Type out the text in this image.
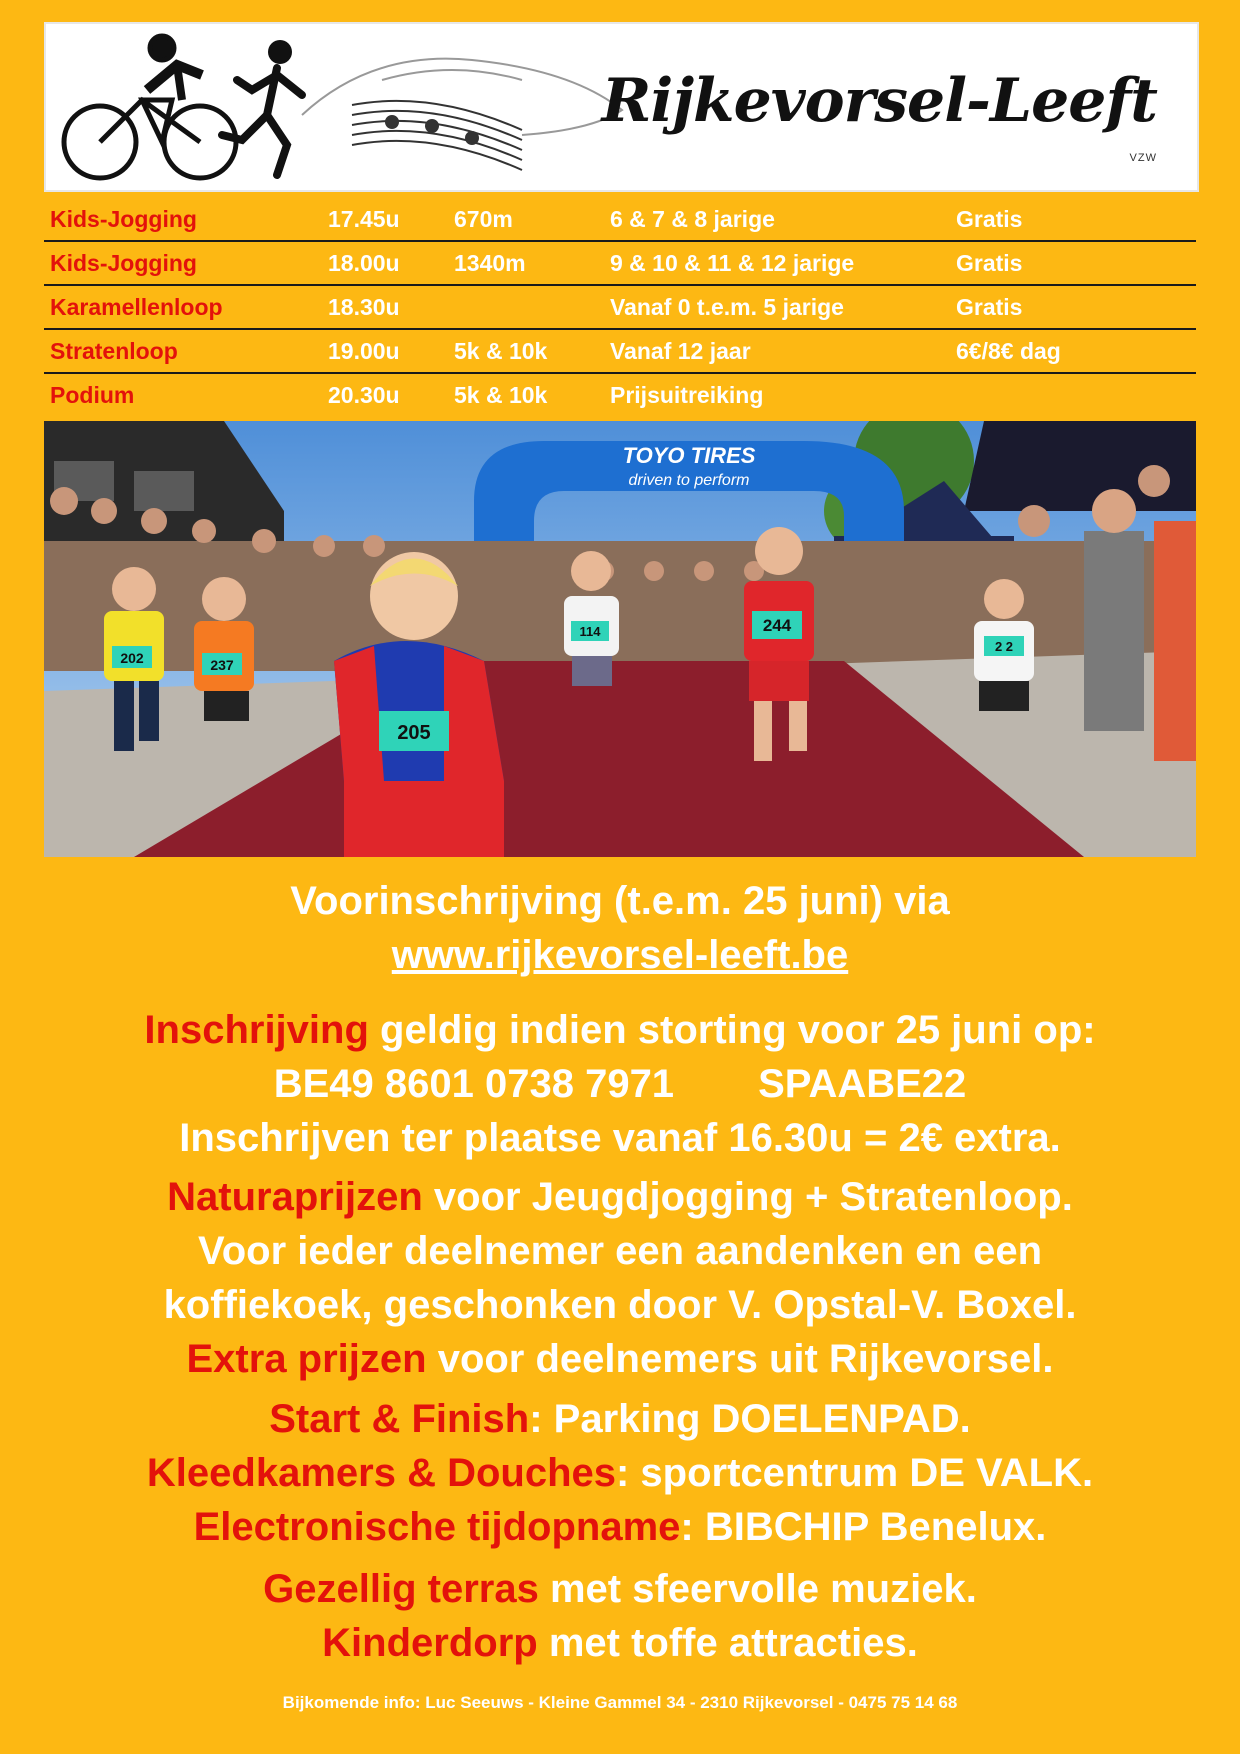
Rijkevorsel-Leeft
VZW
Kids-Jogging	17.45u 670m	6 & 7 & 8 jarige	Gratis
Kids-Jogging	18.00u 1340m	9 & 10 & 11 & 12 jarige	Gratis
Karamellenloop	18.30u	Vanaf 0 t.e.m. 5 jarige	Gratis
Stratenloop	19.00u 5k & 10k	Vanaf 12 jaar	6€/8€ dag
Podium	20.30u 5k & 10k	Prijsuitreiking
TOYO TIRES
driven to perform
202	237
205
114	244
2 2
Voorinschrijving (t.e.m. 25 juni) via
www.rijkevorsel-leeft.be
Inschrijving geldig indien storting voor 25 juni op:
BE49 8601 0738 7971 SPAABE22
Inschrijven ter plaatse vanaf 16.30u = 2€ extra.
Naturaprijzen voor Jeugdjogging + Stratenloop.
Voor ieder deelnemer een aandenken en een
koffiekoek, geschonken door V. Opstal-V. Boxel.
Extra prijzen voor deelnemers uit Rijkevorsel.
Start & Finish: Parking DOELENPAD.
Kleedkamers & Douches: sportcentrum DE VALK.
Electronische tijdopname: BIBCHIP Benelux.
Gezellig terras met sfeervolle muziek.
Kinderdorp met toffe attracties.
Bijkomende info: Luc Seeuws - Kleine Gammel 34 - 2310 Rijkevorsel - 0475 75 14 68
